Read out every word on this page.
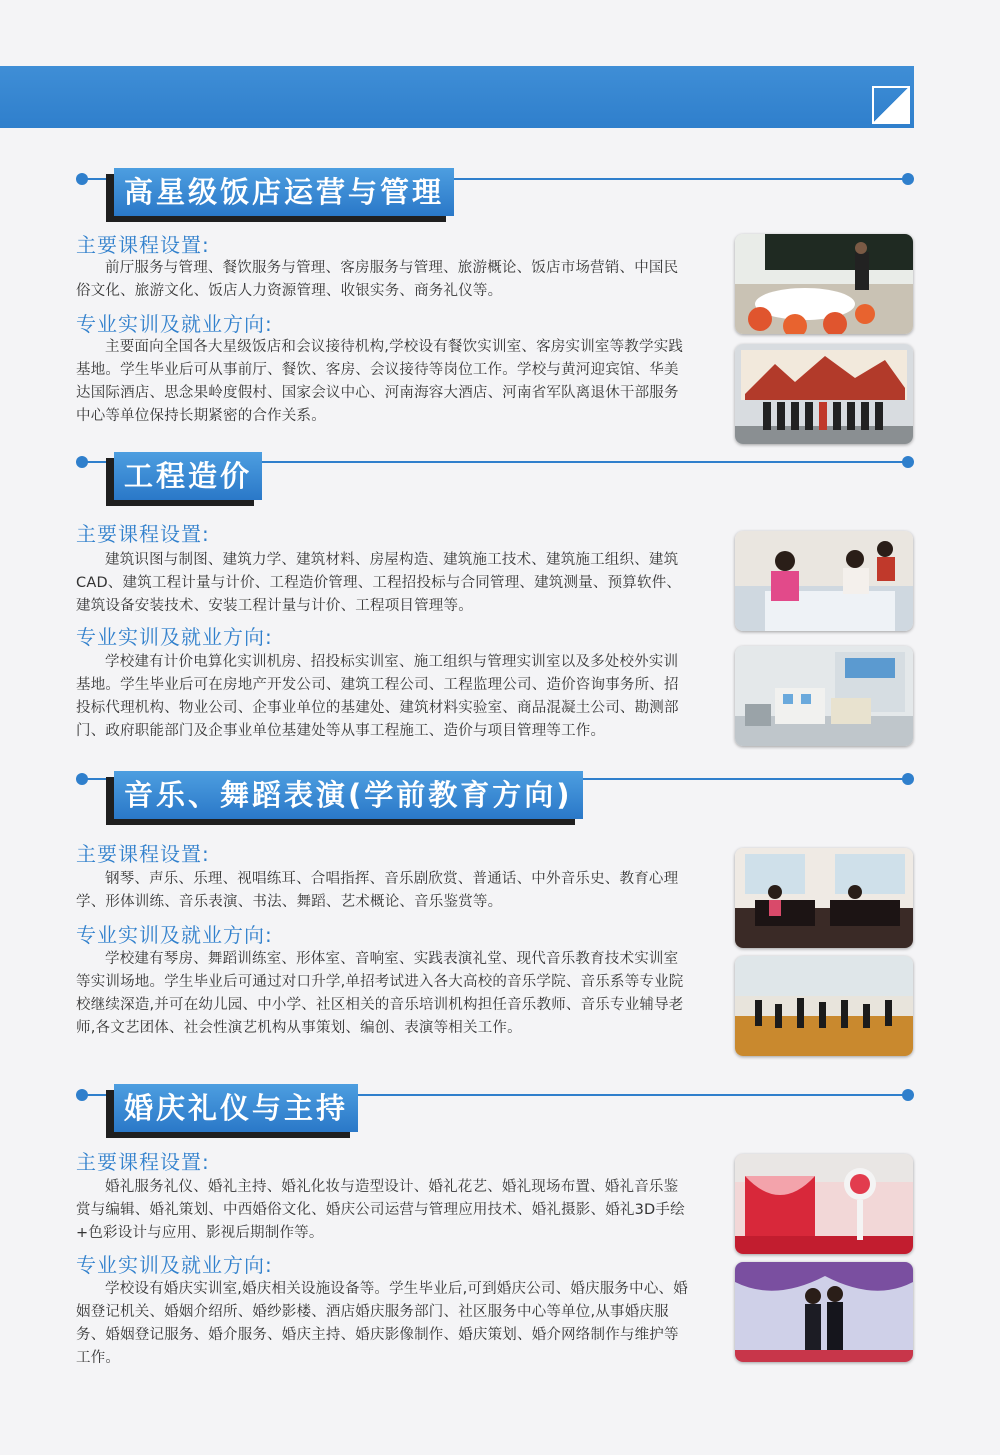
高星级饭店运营与管理
主要课程设置:
前厅服务与管理、餐饮服务与管理、客房服务与管理、旅游概论、饭店市场营销、中国民俗文化、旅游文化、饭店人力资源管理、收银实务、商务礼仪等。
专业实训及就业方向:
主要面向全国各大星级饭店和会议接待机构,学校设有餐饮实训室、客房实训室等教学实践基地。学生毕业后可从事前厅、餐饮、客房、会议接待等岗位工作。学校与黄河迎宾馆、华美达国际酒店、思念果岭度假村、国家会议中心、河南海容大酒店、河南省军队离退休干部服务中心等单位保持长期紧密的合作关系。
工程造价
主要课程设置:
建筑识图与制图、建筑力学、建筑材料、房屋构造、建筑施工技术、建筑施工组织、建筑CAD、建筑工程计量与计价、工程造价管理、工程招投标与合同管理、建筑测量、预算软件、建筑设备安装技术、安装工程计量与计价、工程项目管理等。
专业实训及就业方向:
学校建有计价电算化实训机房、招投标实训室、施工组织与管理实训室以及多处校外实训基地。学生毕业后可在房地产开发公司、建筑工程公司、工程监理公司、造价咨询事务所、招投标代理机构、物业公司、企事业单位的基建处、建筑材料实验室、商品混凝土公司、勘测部门、政府职能部门及企事业单位基建处等从事工程施工、造价与项目管理等工作。
音乐、舞蹈表演(学前教育方向)
主要课程设置:
钢琴、声乐、乐理、视唱练耳、合唱指挥、音乐剧欣赏、普通话、中外音乐史、教育心理学、形体训练、音乐表演、书法、舞蹈、艺术概论、音乐鉴赏等。
专业实训及就业方向:
学校建有琴房、舞蹈训练室、形体室、音响室、实践表演礼堂、现代音乐教育技术实训室等实训场地。学生毕业后可通过对口升学,单招考试进入各大高校的音乐学院、音乐系等专业院校继续深造,并可在幼儿园、中小学、社区相关的音乐培训机构担任音乐教师、音乐专业辅导老师,各文艺团体、社会性演艺机构从事策划、编创、表演等相关工作。
婚庆礼仪与主持
主要课程设置:
婚礼服务礼仪、婚礼主持、婚礼化妆与造型设计、婚礼花艺、婚礼现场布置、婚礼音乐鉴赏与编辑、婚礼策划、中西婚俗文化、婚庆公司运营与管理应用技术、婚礼摄影、婚礼3D手绘+色彩设计与应用、影视后期制作等。
专业实训及就业方向:
学校设有婚庆实训室,婚庆相关设施设备等。学生毕业后,可到婚庆公司、婚庆服务中心、婚姻登记机关、婚姻介绍所、婚纱影楼、酒店婚庆服务部门、社区服务中心等单位,从事婚庆服务、婚姻登记服务、婚介服务、婚庆主持、婚庆影像制作、婚庆策划、婚介网络制作与维护等工作。
